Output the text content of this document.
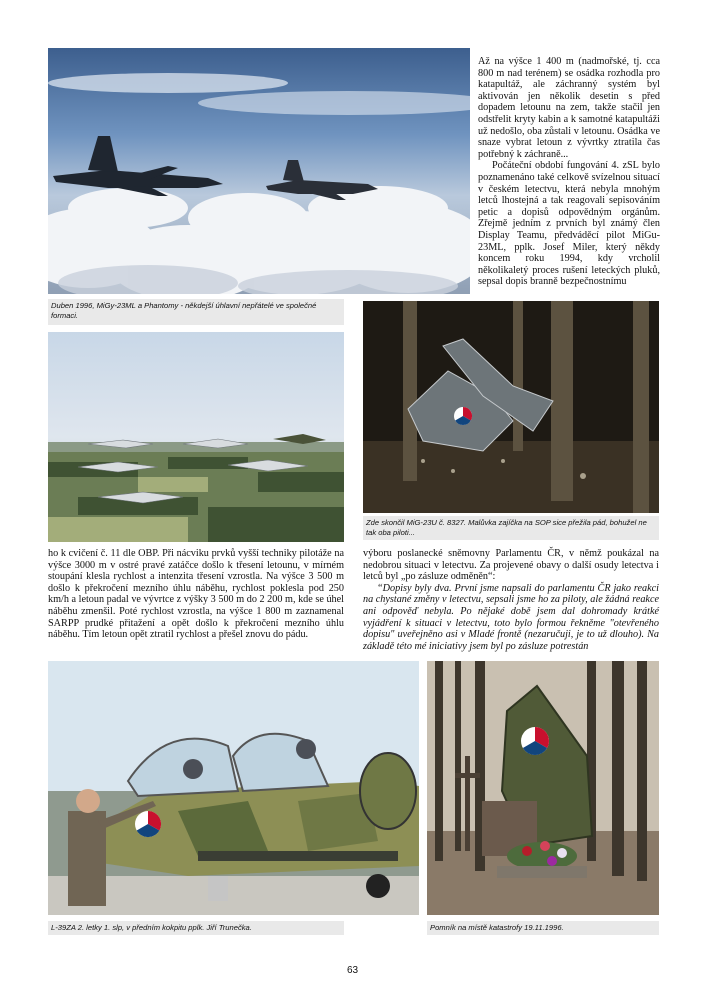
Až na výšce 1 400 m (nadmořské, tj. cca 800 m nad terénem) se osádka rozhodla pro katapultáž, ale záchranný systém byl aktivován jen několik desetin s před dopadem letounu na zem, takže stačil jen odstřelit kryty kabin a k samotné katapultáži už nedošlo, oba zůstali v letounu. Osádka ve snaze vybrat letoun z vývrtky ztratila čas potřebný k záchraně...

Počáteční období fungování 4. zSL bylo poznamenáno také celkově svízelnou situací v českém letectvu, která nebyla mnohým letců lhostejná a tak reagovali sepisováním petic a dopisů odpovědným orgánům. Zřejmě jedním z prvních byl známý člen Display Teamu, předváděcí pilot MiGu-23ML, pplk. Josef Miler, který někdy koncem roku 1994, kdy vrcholil několikaletý proces rušení leteckých pluků, sepsal dopis branně bezpečnostnímu

Duben 1996, MiGy-23ML a Phantomy - někdejší úhlavní nepřátelé ve společné formaci.
Zde skončil MiG-23U č. 8327. Malůvka zajíčka na SOP sice přežila pád, bohužel ne tak oba piloti...

ho k cvičení č. 11 dle OBP. Při nácviku prvků vyšší techniky pilotáže na výšce 3000 m v ostré pravé zatáčce došlo k třesení letounu, v mírném stoupání klesla rychlost a intenzita třesení vzrostla. Na výšce 3 500 m došlo k překročení mezního úhlu náběhu, rychlost poklesla pod 250 km/h a letoun padal ve vývrtce z výšky 3 500 m do 2 200 m, kde se úhel náběhu zmenšil. Poté rychlost vzrostla, na výšce 1 800 m zaznamenal SARPP prudké přitažení a opět došlo k překročení mezního úhlu náběhu. Tím letoun opět ztratil rychlost a přešel znovu do pádu.

výboru poslanecké sněmovny Parlamentu ČR, v němž poukázal na nedobrou situaci v letectvu. Za projevené obavy o další osudy letectva i letců byl „po zásluze odměněn“:

“Dopisy byly dva. První jsme napsali do parlamentu ČR jako reakci na chystané změny v letectvu, sepsali jsme ho za piloty, ale žádná reakce ani odpověď nebyla. Po nějaké době jsem dal dohromady krátké vyjádření k situaci v letectvu, toto bylo formou řekněme "otevřeného dopisu" uveřejněno asi v Mladé frontě (nezaručuji, je to už dlouho). Na základě této mé iniciativy jsem byl po zásluze potrestán

L-39ZA 2. letky 1. slp, v předním kokpitu pplk. Jiří Trunečka.	Pomník na místě katastrofy 19.11.1996.
63
